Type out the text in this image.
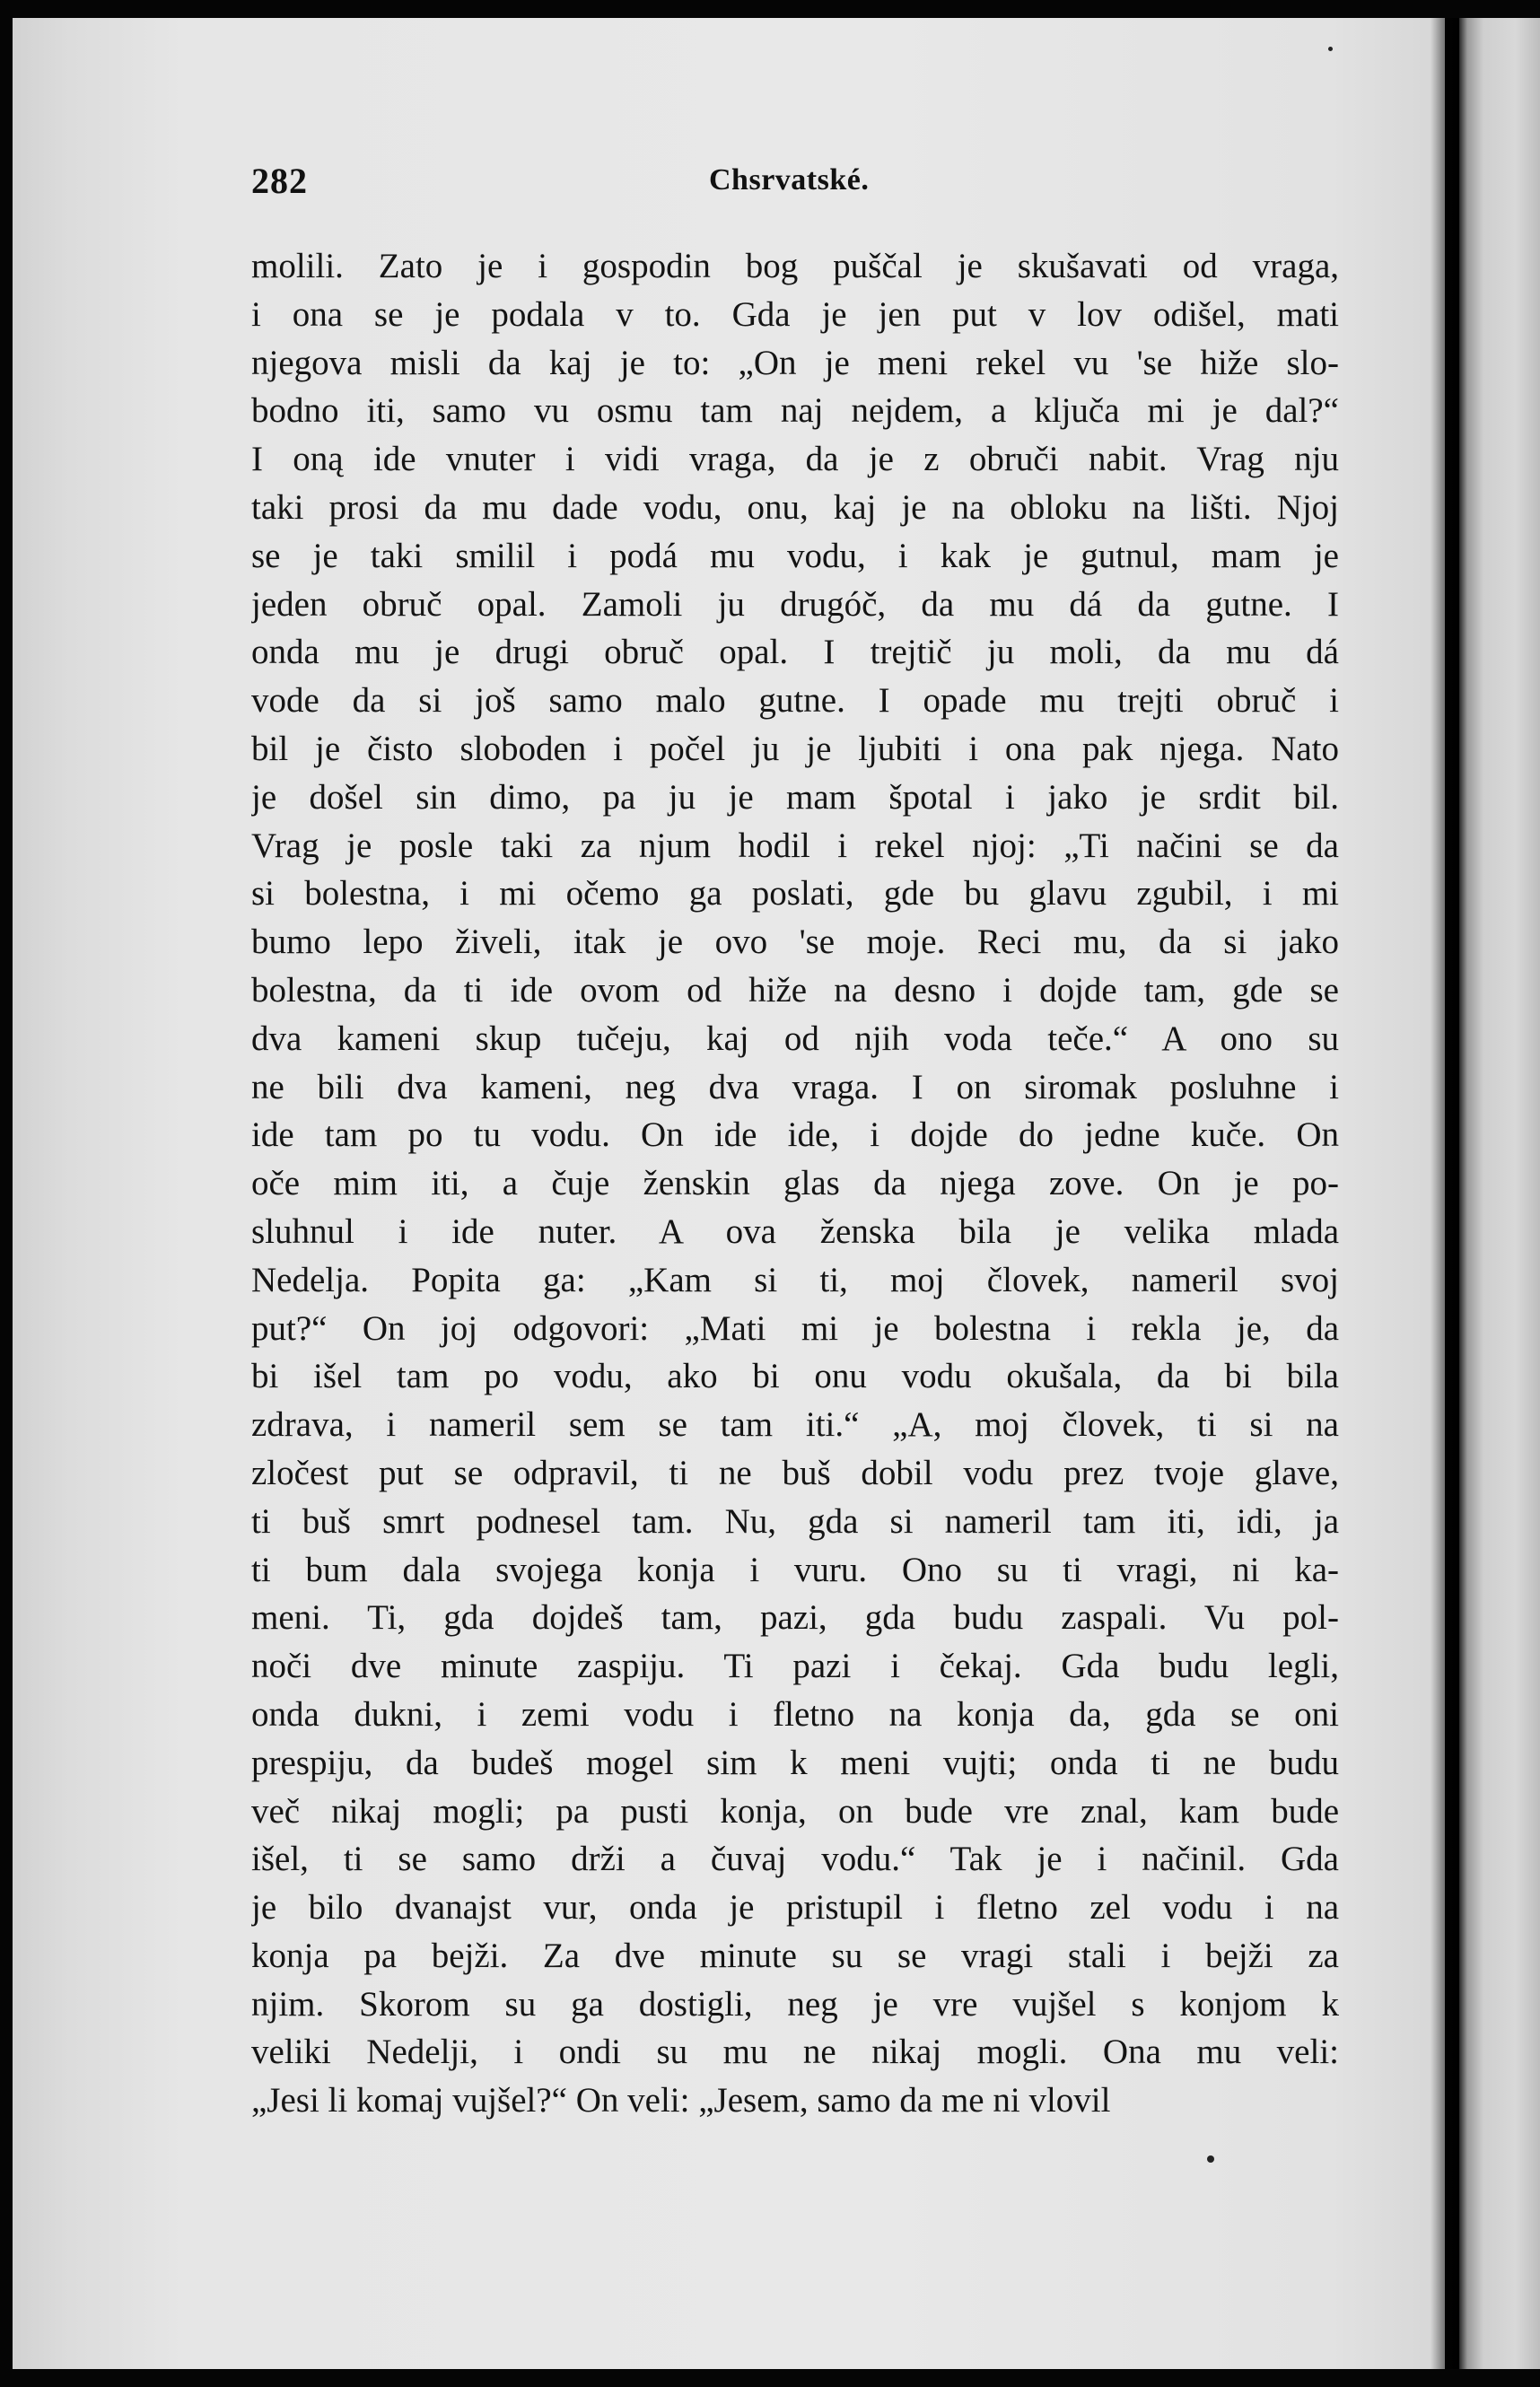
282	Chsrvatské.
molili. Zato je i gospodin bog puščal je skušavati od vraga,
i ona se je podala v to. Gda je jen put v lov odišel, mati
njegova misli da kaj je to: „On je meni rekel vu 'se hiže slo-
bodno iti, samo vu osmu tam naj nejdem, a ključa mi je dal?“
I oną ide vnuter i vidi vraga, da je z obruči nabit. Vrag nju
taki prosi da mu dade vodu, onu, kaj je na obloku na lišti. Njoj
se je taki smilil i podá mu vodu, i kak je gutnul, mam je
jeden obruč opal. Zamoli ju drugóč, da mu dá da gutne. I
onda mu je drugi obruč opal. I trejtič ju moli, da mu dá
vode da si još samo malo gutne. I opade mu trejti obruč i
bil je čisto sloboden i počel ju je ljubiti i ona pak njega. Nato
je došel sin dimo, pa ju je mam špotal i jako je srdit bil.
Vrag je posle taki za njum hodil i rekel njoj: „Ti načini se da
si bolestna, i mi očemo ga poslati, gde bu glavu zgubil, i mi
bumo lepo živeli, itak je ovo 'se moje. Reci mu, da si jako
bolestna, da ti ide ovom od hiže na desno i dojde tam, gde se
dva kameni skup tučeju, kaj od njih voda teče.“ A ono su
ne bili dva kameni, neg dva vraga. I on siromak posluhne i
ide tam po tu vodu. On ide ide, i dojde do jedne kuče. On
oče mim iti, a čuje ženskin glas da njega zove. On je po-
sluhnul i ide nuter. A ova ženska bila je velika mlada
Nedelja. Popita ga: „Kam si ti, moj človek, nameril svoj
put?“ On joj odgovori: „Mati mi je bolestna i rekla je, da
bi išel tam po vodu, ako bi onu vodu okušala, da bi bila
zdrava, i nameril sem se tam iti.“ „A, moj človek, ti si na
zločest put se odpravil, ti ne buš dobil vodu prez tvoje glave,
ti buš smrt podnesel tam. Nu, gda si nameril tam iti, idi, ja
ti bum dala svojega konja i vuru. Ono su ti vragi, ni ka-
meni. Ti, gda dojdeš tam, pazi, gda budu zaspali. Vu pol-
noči dve minute zaspiju. Ti pazi i čekaj. Gda budu legli,
onda dukni, i zemi vodu i fletno na konja da, gda se oni
prespiju, da budeš mogel sim k meni vujti; onda ti ne budu
več nikaj mogli; pa pusti konja, on bude vre znal, kam bude
išel, ti se samo drži a čuvaj vodu.“ Tak je i načinil. Gda
je bilo dvanajst vur, onda je pristupil i fletno zel vodu i na
konja pa bejži. Za dve minute su se vragi stali i bejži za
njim. Skorom su ga dostigli, neg je vre vujšel s konjom k
veliki Nedelji, i ondi su mu ne nikaj mogli. Ona mu veli:
„Jesi li komaj vujšel?“ On veli: „Jesem, samo da me ni vlovil
